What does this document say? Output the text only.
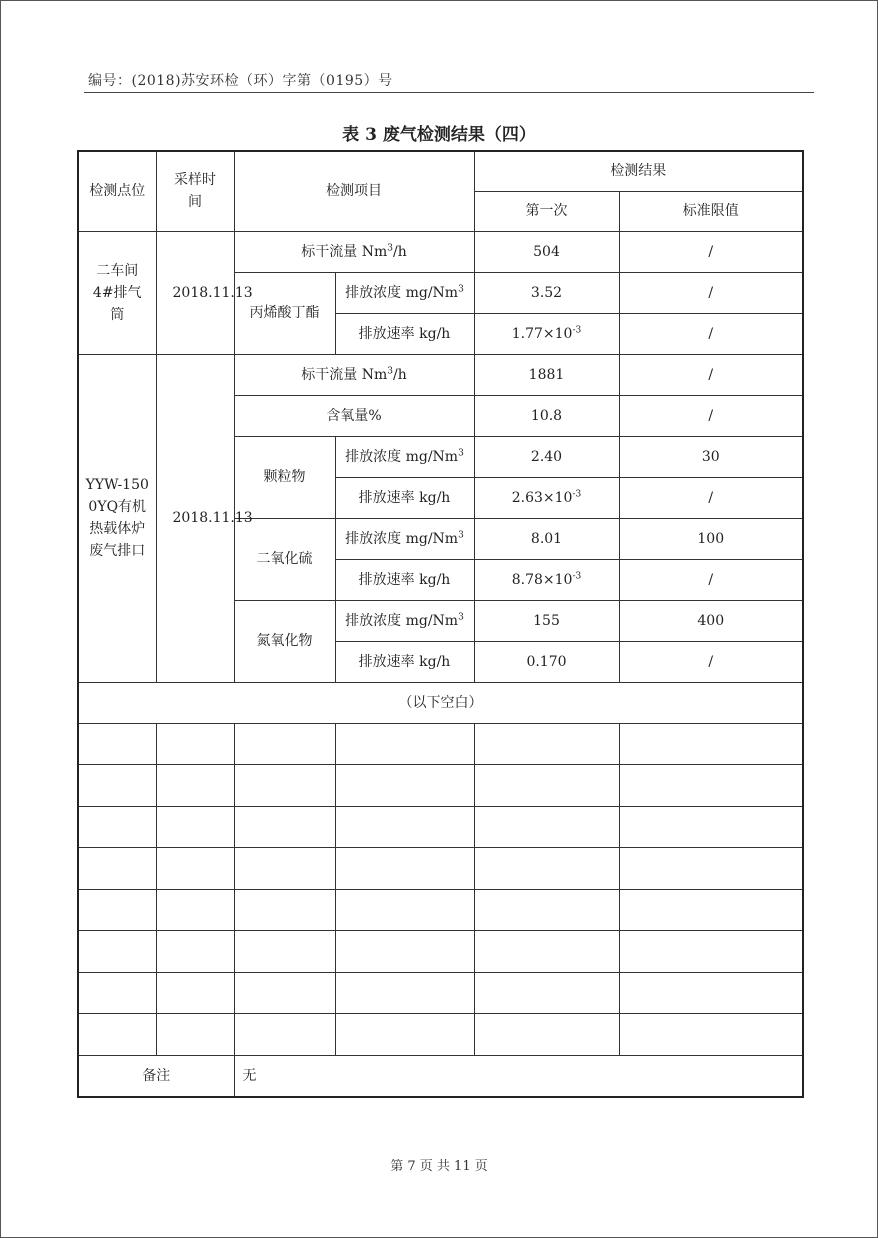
编号：(2018)苏安环检（环）字第（0195）号
表 3 废气检测结果（四）
检测点位	采样时间	检测项目		检测结果	
				第一次	标准限值
二车间4#排气筒	2018.11.13	标干流量 Nm$^3$/h		504	/
		丙烯酸丁酯	排放浓度 mg/Nm$^3$	3.52	/
			排放速率 kg/h	$1.77\times 10^{-3}$	/
YYW-1500YQ有机热载体炉废气排口	2018.11.13	标干流量 Nm$^3$/h		1881	/
		含氧量%		10.8	/
		颗粒物	排放浓度 mg/Nm$^3$	2.40	30
			排放速率 kg/h	$2.63\times 10^{-3}$	/
		二氧化硫	排放浓度 mg/Nm$^3$	8.01	100
			排放速率 kg/h	$8.78\times 10^{-3}$	/
		氮氧化物	排放浓度 mg/Nm$^3$	155	400
			排放速率 kg/h	0.170	/
（以下空白）					

备注		无			
第 7 页 共 11 页
